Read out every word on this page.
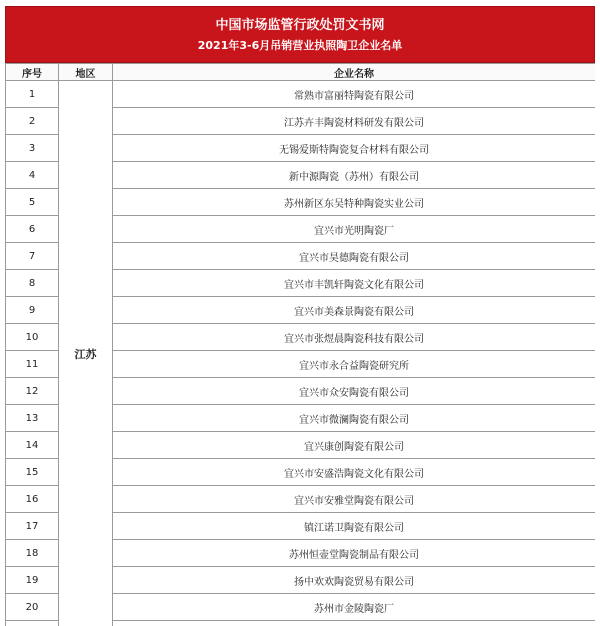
中国市场监管行政处罚文书网
2021年3-6月吊销营业执照陶卫企业名单
序号	地区	企业名称
1	江苏	常熟市富丽特陶瓷有限公司
2		江苏卉丰陶瓷材料研发有限公司
3		无锡爱斯特陶瓷复合材料有限公司
4		新中源陶瓷（苏州）有限公司
5		苏州新区东吴特种陶瓷实业公司
6		宜兴市光明陶瓷厂
7		宜兴市昊德陶瓷有限公司
8		宜兴市丰凯轩陶瓷文化有限公司
9		宜兴市美森景陶瓷有限公司
10		宜兴市张煜晨陶瓷科技有限公司
11		宜兴市永合益陶瓷研究所
12		宜兴市众安陶瓷有限公司
13		宜兴市微澜陶瓷有限公司
14		宜兴康创陶瓷有限公司
15		宜兴市安盛浩陶瓷文化有限公司
16		宜兴市安雅堂陶瓷有限公司
17		镇江诺卫陶瓷有限公司
18		苏州恒壶堂陶瓷制品有限公司
19		扬中欢欢陶瓷贸易有限公司
20		苏州市金陵陶瓷厂
